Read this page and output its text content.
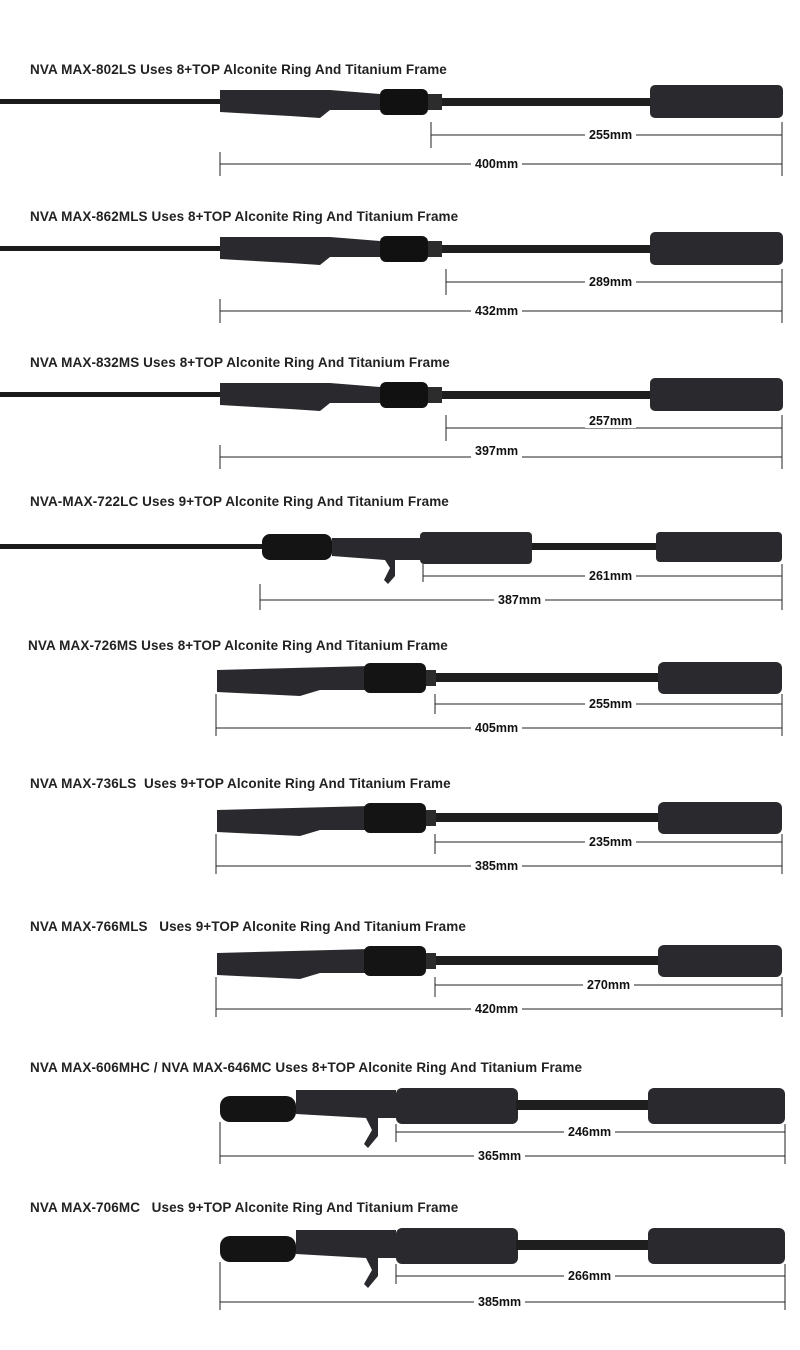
NVA MAX-802LS Uses 8+TOP Alconite Ring And Titanium Frame
255mm
400mm
NVA MAX-862MLS Uses 8+TOP Alconite Ring And Titanium Frame
289mm
432mm
NVA MAX-832MS Uses 8+TOP Alconite Ring And Titanium Frame
257mm
397mm
NVA-MAX-722LC Uses 9+TOP Alconite Ring And Titanium Frame
261mm
387mm
NVA MAX-726MS Uses 8+TOP Alconite Ring And Titanium Frame
255mm
405mm
NVA MAX-736LS  Uses 9+TOP Alconite Ring And Titanium Frame
235mm
385mm
NVA MAX-766MLS   Uses 9+TOP Alconite Ring And Titanium Frame
270mm
420mm
NVA MAX-606MHC / NVA MAX-646MC Uses 8+TOP Alconite Ring And Titanium Frame
246mm
365mm
NVA MAX-706MC   Uses 9+TOP Alconite Ring And Titanium Frame
266mm
385mm
